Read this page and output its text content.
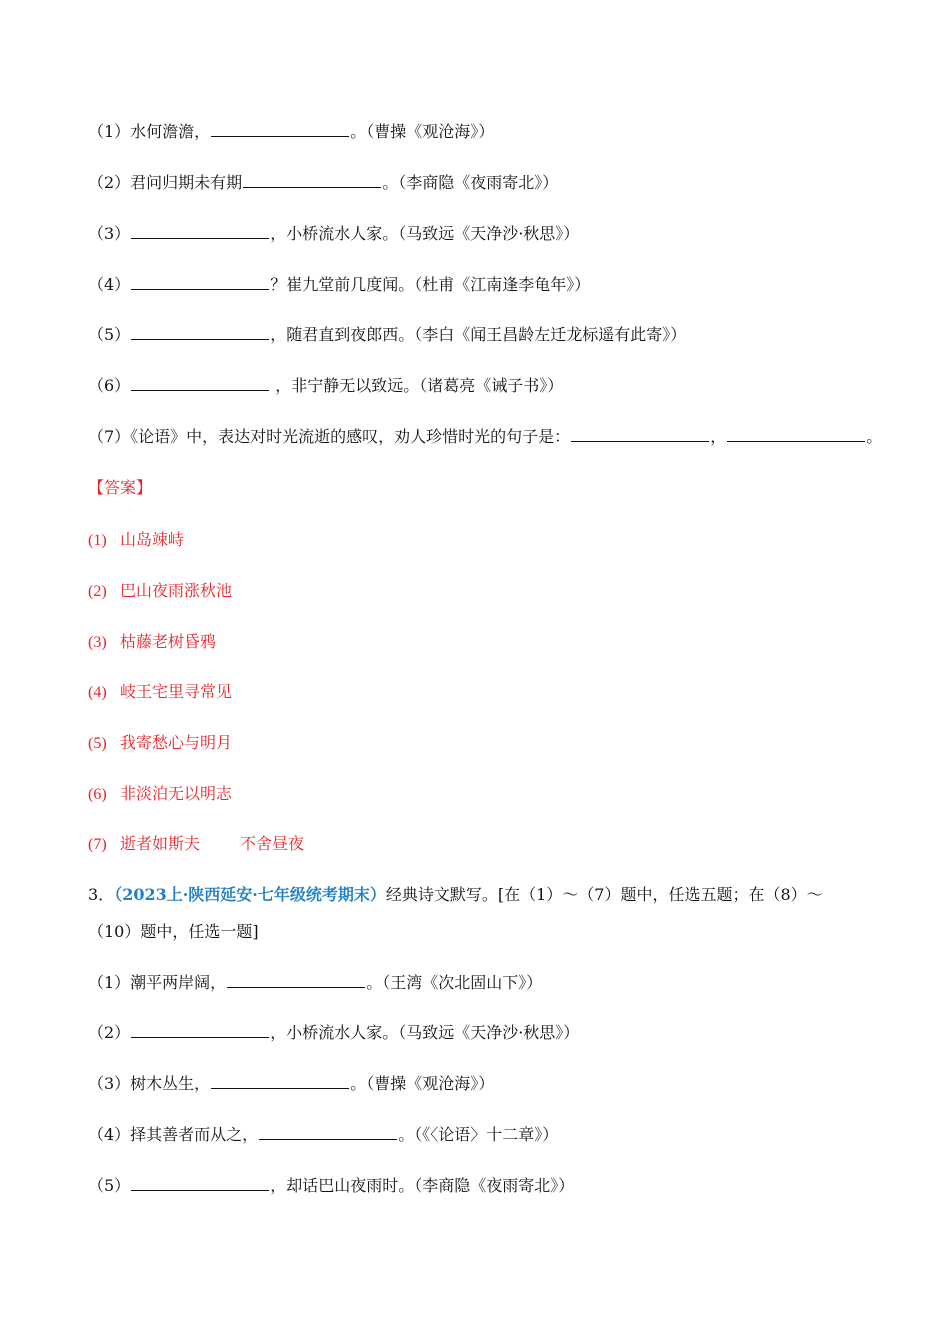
（1）水何澹澹，	。（曹操《观沧海》）
（2）君问归期未有期	。（李商隐《夜雨寄北》）
（3）	，小桥流水人家。（马致远《天净沙·秋思》）
（4）	？崔九堂前几度闻。（杜甫《江南逢李龟年》）
（5）	，随君直到夜郎西。（李白《闻王昌龄左迁龙标遥有此寄》）
（6）	，非宁静无以致远。（诸葛亮《诫子书》）
（7）《论语》中，表达对时光流逝的感叹，劝人珍惜时光的句子是：	，	。
【答案】
(1) 山岛竦峙
(2) 巴山夜雨涨秋池
(3) 枯藤老树昏鸦
(4) 岐王宅里寻常见
(5) 我寄愁心与明月
(6) 非淡泊无以明志
(7) 逝者如斯夫	不舍昼夜
3．（2023上·陕西延安·七年级统考期末）经典诗文默写。[在（1）～（7）题中，任选五题；在（8）～
（10）题中，任选一题]
（1）潮平两岸阔，	。（王湾《次北固山下》）
（2）	，小桥流水人家。（马致远《天净沙·秋思》）
（3）树木丛生，	。（曹操《观沧海》）
（4）择其善者而从之，	。（《〈论语〉十二章》）
（5）	，却话巴山夜雨时。（李商隐《夜雨寄北》）
